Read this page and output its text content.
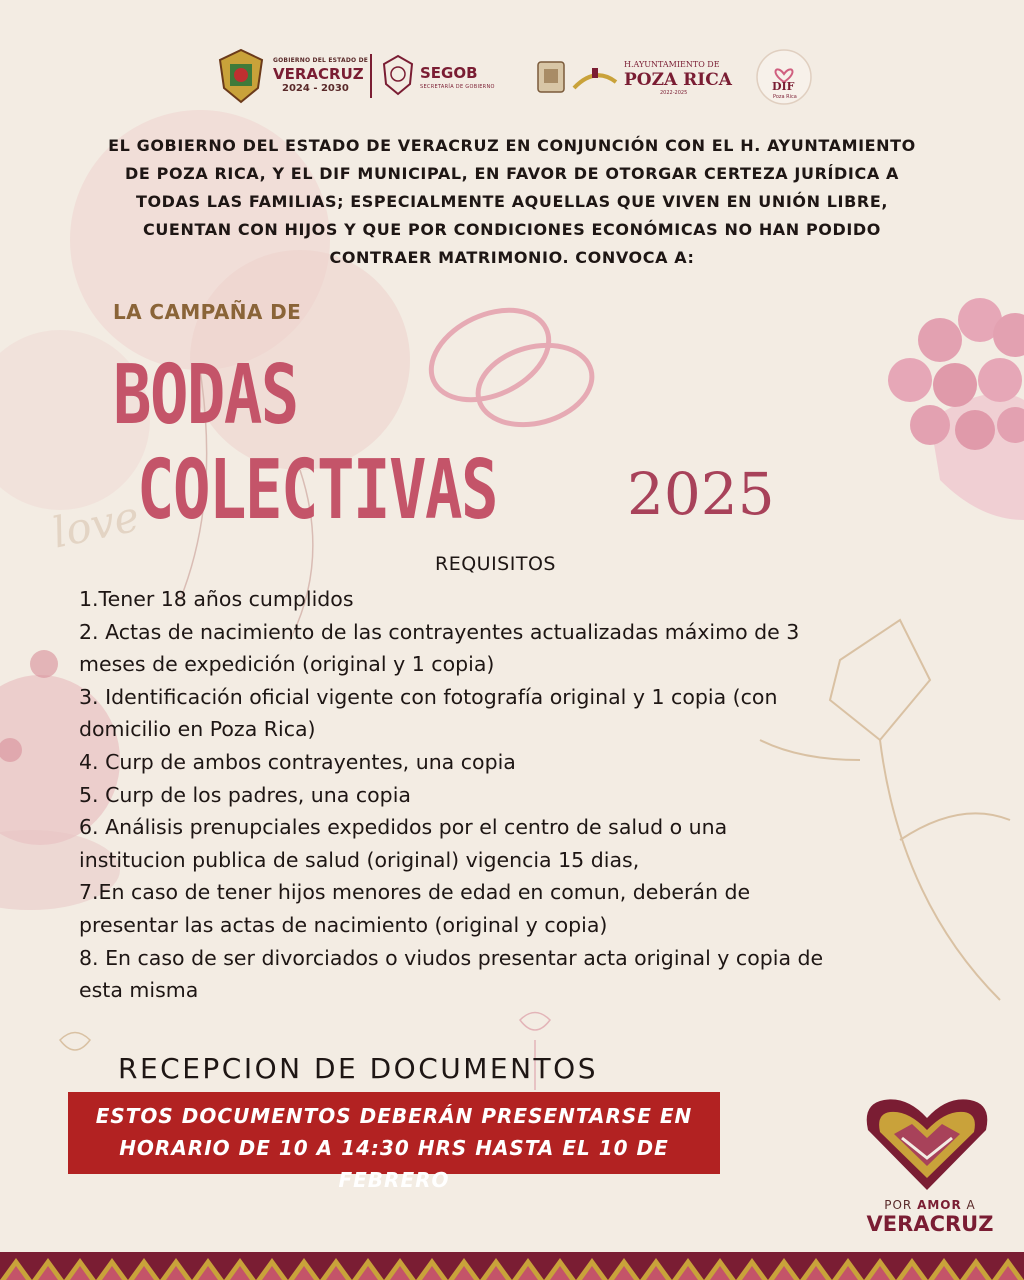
love
GOBIERNO DEL ESTADO DE
VERACRUZ
2024 - 2030
SEGOB
SECRETARÍA DE GOBIERNO
H.AYUNTAMIENTO DE
POZA RICA
2022-2025	DIF
Poza Rica
EL GOBIERNO DEL ESTADO DE VERACRUZ EN CONJUNCIÓN CON EL H. AYUNTAMIENTO
DE POZA RICA, Y EL DIF MUNICIPAL, EN FAVOR DE OTORGAR CERTEZA JURÍDICA A
TODAS LAS FAMILIAS; ESPECIALMENTE AQUELLAS QUE VIVEN EN UNIÓN LIBRE,
CUENTAN CON HIJOS Y QUE POR CONDICIONES ECONÓMICAS NO HAN PODIDO
CONTRAER MATRIMONIO. CONVOCA A:
LA CAMPAÑA DE
BODAS
COLECTIVAS 2025
REQUISITOS
1.Tener 18 años cumplidos
2. Actas de nacimiento de las contrayentes actualizadas máximo de 3
meses de expedición (original y 1 copia)
3. Identificación oficial vigente con fotografía original y 1 copia (con
domicilio en Poza Rica)
4. Curp de ambos contrayentes, una copia
5. Curp de los padres, una copia
6. Análisis prenupciales expedidos por el centro de salud o una
institucion publica de salud (original) vigencia 15 dias,
7.En caso de tener hijos menores de edad en comun, deberán de
presentar las actas de nacimiento (original y copia)
8. En caso de ser divorciados o viudos presentar acta original y copia de
esta misma
RECEPCION DE DOCUMENTOS
ESTOS DOCUMENTOS DEBERÁN PRESENTARSE EN
HORARIO DE 10 A 14:30 HRS HASTA EL 10 DE FEBRERO
POR AMOR A
VERACRUZ
